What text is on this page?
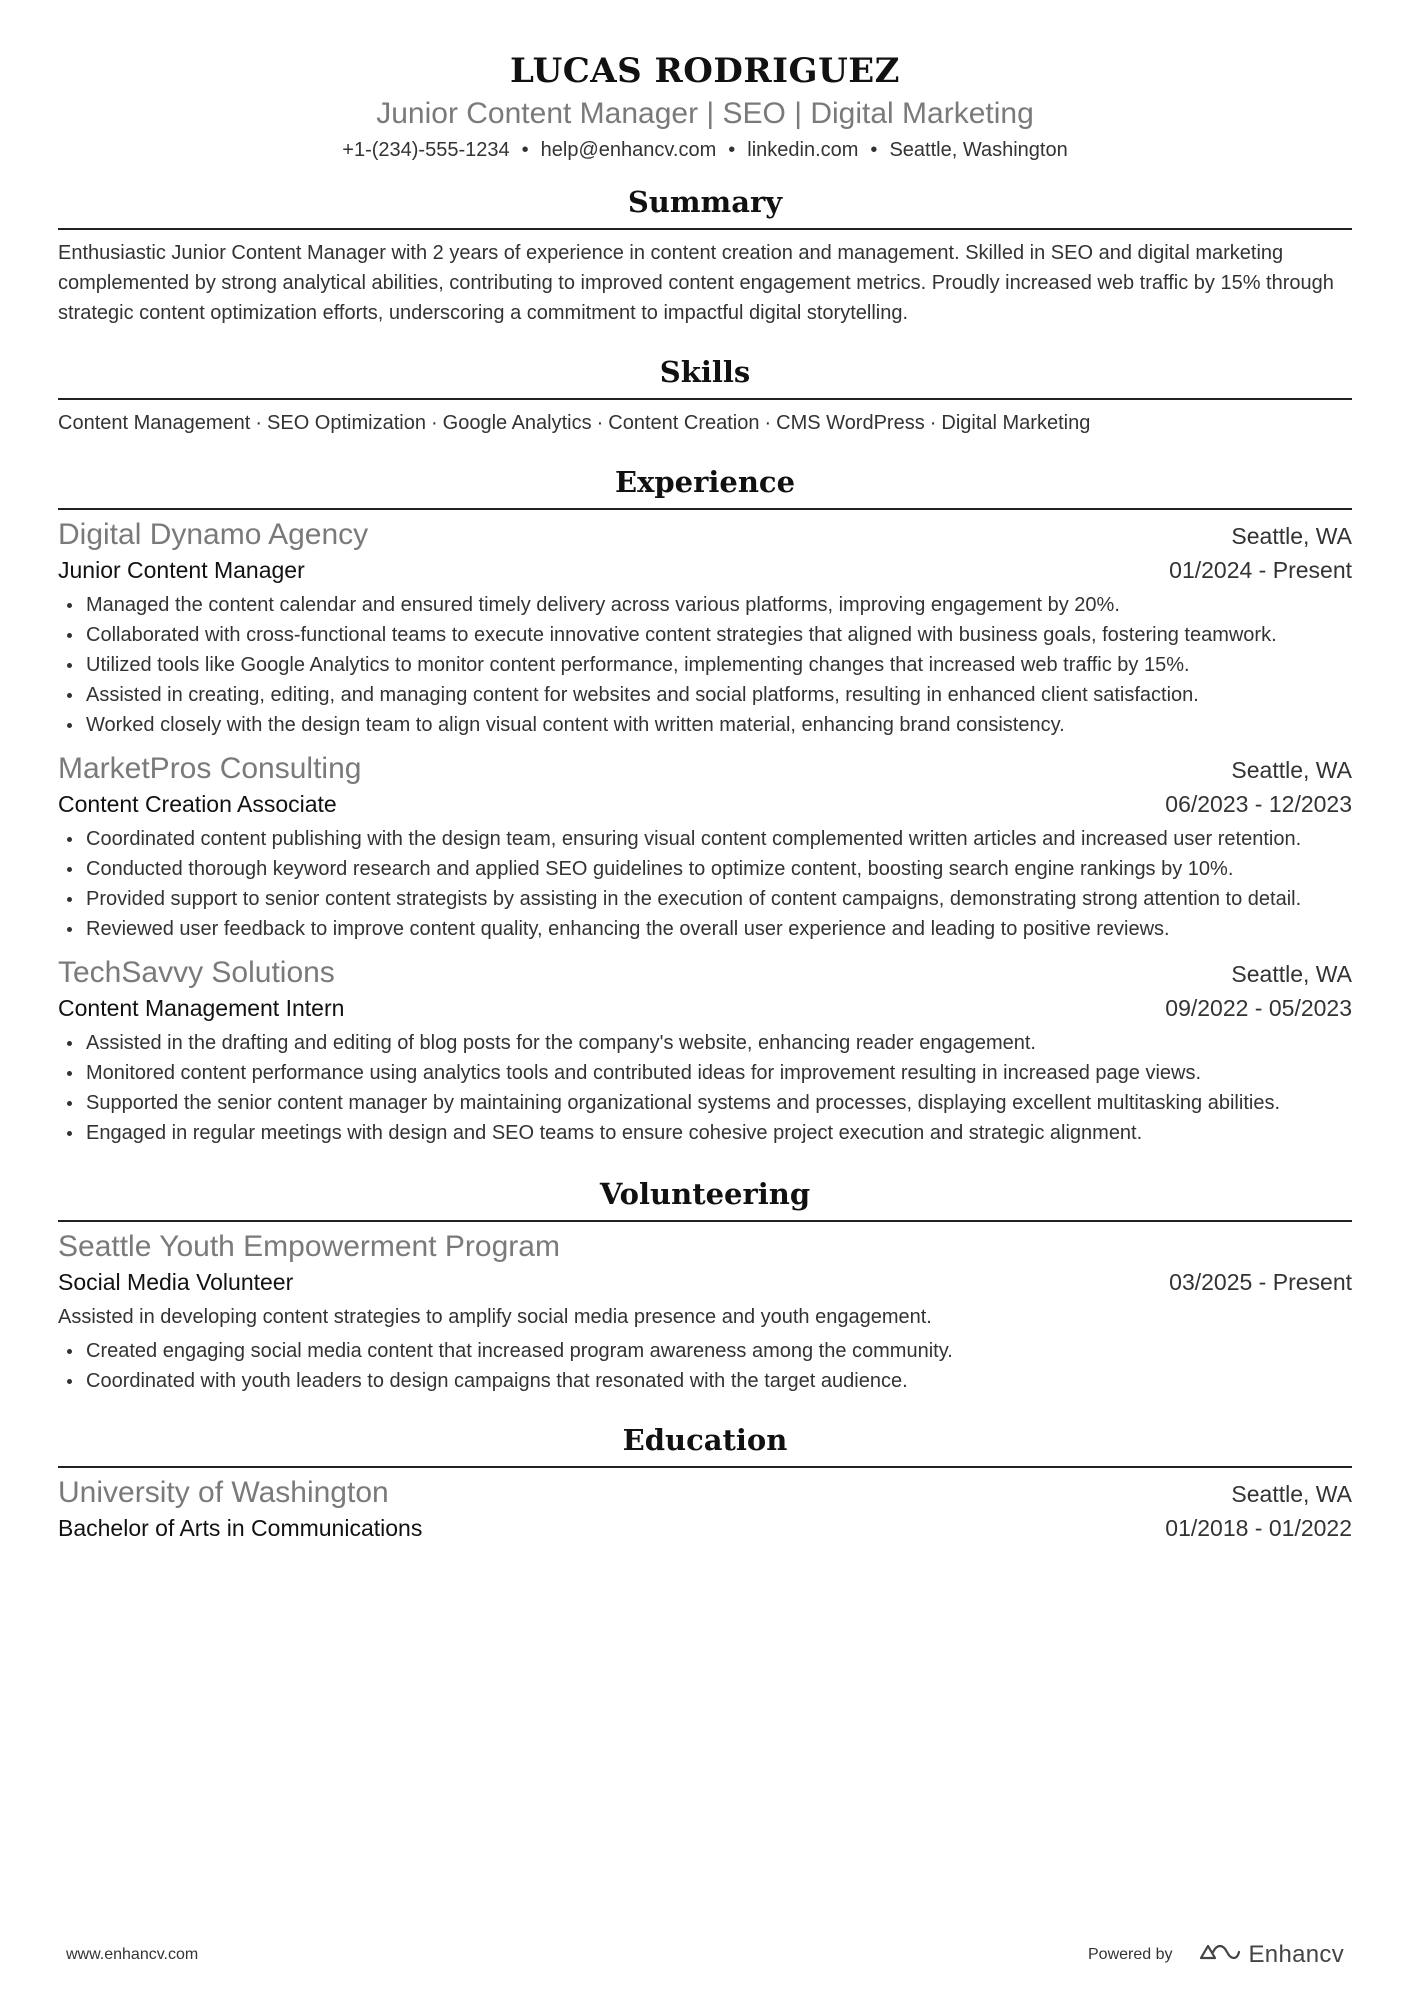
LUCAS RODRIGUEZ
Junior Content Manager | SEO | Digital Marketing
+1-(234)-555-1234 • help@enhancv.com • linkedin.com • Seattle, Washington
Summary
Enthusiastic Junior Content Manager with 2 years of experience in content creation and management. Skilled in SEO and digital marketing complemented by strong analytical abilities, contributing to improved content engagement metrics. Proudly increased web traffic by 15% through strategic content optimization efforts, underscoring a commitment to impactful digital storytelling.
Skills
Content Management · SEO Optimization · Google Analytics · Content Creation · CMS WordPress · Digital Marketing
Experience
Digital Dynamo Agency	Seattle, WA
Junior Content Manager	01/2024 - Present
Managed the content calendar and ensured timely delivery across various platforms, improving engagement by 20%.
Collaborated with cross-functional teams to execute innovative content strategies that aligned with business goals, fostering teamwork.
Utilized tools like Google Analytics to monitor content performance, implementing changes that increased web traffic by 15%.
Assisted in creating, editing, and managing content for websites and social platforms, resulting in enhanced client satisfaction.
Worked closely with the design team to align visual content with written material, enhancing brand consistency.
MarketPros Consulting	Seattle, WA
Content Creation Associate	06/2023 - 12/2023
Coordinated content publishing with the design team, ensuring visual content complemented written articles and increased user retention.
Conducted thorough keyword research and applied SEO guidelines to optimize content, boosting search engine rankings by 10%.
Provided support to senior content strategists by assisting in the execution of content campaigns, demonstrating strong attention to detail.
Reviewed user feedback to improve content quality, enhancing the overall user experience and leading to positive reviews.
TechSavvy Solutions	Seattle, WA
Content Management Intern	09/2022 - 05/2023
Assisted in the drafting and editing of blog posts for the company's website, enhancing reader engagement.
Monitored content performance using analytics tools and contributed ideas for improvement resulting in increased page views.
Supported the senior content manager by maintaining organizational systems and processes, displaying excellent multitasking abilities.
Engaged in regular meetings with design and SEO teams to ensure cohesive project execution and strategic alignment.
Volunteering
Seattle Youth Empowerment Program
Social Media Volunteer	03/2025 - Present
Assisted in developing content strategies to amplify social media presence and youth engagement.
Created engaging social media content that increased program awareness among the community.
Coordinated with youth leaders to design campaigns that resonated with the target audience.
Education
University of Washington	Seattle, WA
Bachelor of Arts in Communications	01/2018 - 01/2022
www.enhancv.com	Powered by	Enhancv
